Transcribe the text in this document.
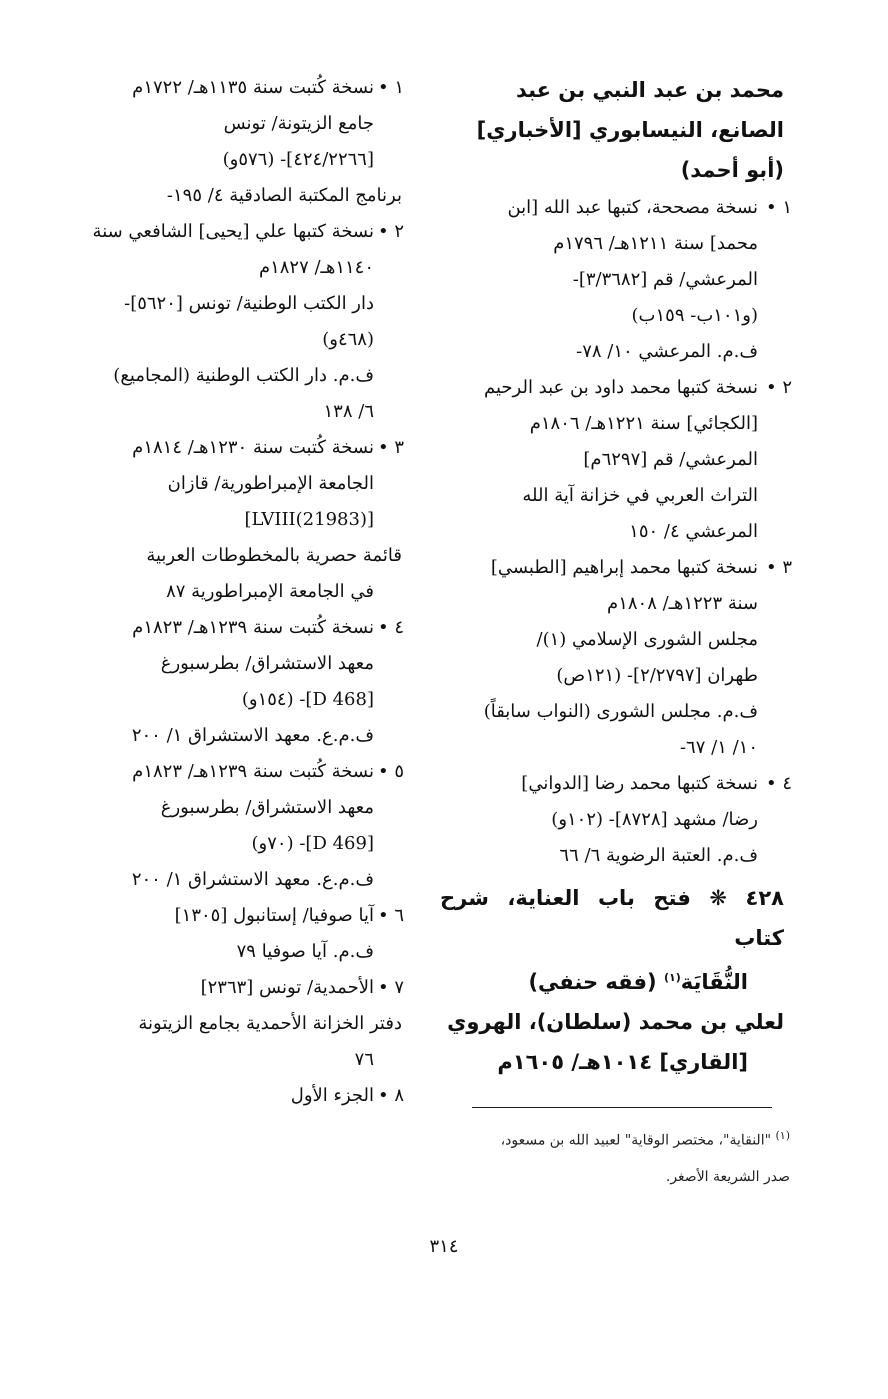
محمد بن عبد النبي بن عبد
الصانع، النيسابوري [الأخباري]
(أبو أحمد)
١ •
نسخة مصححة، كتبها عبد الله [ابن
محمد] سنة ١٢١١هـ/ ١٧٩٦م
المرعشي/ قم [٣/٣٦٨٢]-
(و١٠١ب- ١٥٩ب)
ف.م. المرعشي ١٠/ ٧٨-
٢ •
نسخة كتبها محمد داود بن عبد الرحيم
[الكجائي] سنة ١٢٢١هـ/ ١٨٠٦م
المرعشي/ قم [٦٢٩٧م]
التراث العربي في خزانة آية الله
المرعشي ٤/ ١٥٠
٣ •
نسخة كتبها محمد إبراهيم [الطبسي]
سنة ١٢٢٣هـ/ ١٨٠٨م
مجلس الشورى الإسلامي (١)/
طهران [٢/٢٧٩٧]- (١٢١ص)
ف.م. مجلس الشورى (النواب سابقاً)
١٠/ ١/ ٦٧-
٤ •
نسخة كتبها محمد رضا [الدواني]
رضا/ مشهد [٨٧٢٨]- (١٠٢و)
ف.م. العتبة الرضوية ٦/ ٦٦
٤٢٨ ❋ فتح باب العناية، شرح كتاب
النُّقَايَة$^{(١)}$ (فقه حنفي)
لعلي بن محمد (سلطان)، الهروي
[القاري] ١٠١٤هـ/ ١٦٠٥م
١ •
نسخة كُتبت سنة ١١٣٥هـ/ ١٧٢٢م
جامع الزيتونة/ تونس
[٤٢٤/٢٢٦٦]- (٥٧٦و)
برنامج المكتبة الصادقية ٤/ ١٩٥-
٢ •
نسخة كتبها علي [يحيى] الشافعي سنة
١١٤٠هـ/ ١٨٢٧م
دار الكتب الوطنية/ تونس [٥٦٢٠]-
(٤٦٨و)
ف.م. دار الكتب الوطنية (المجاميع)
٦/ ١٣٨
٣ •
نسخة كُتبت سنة ١٢٣٠هـ/ ١٨١٤م
الجامعة الإمبراطورية/ قازان
[LVIII(21983)]
قائمة حصرية بالمخطوطات العربية
في الجامعة الإمبراطورية ٨٧
٤ •
نسخة كُتبت سنة ١٢٣٩هـ/ ١٨٢٣م
معهد الاستشراق/ بطرسبورغ
[D 468]- (١٥٤و)
ف.م.ع. معهد الاستشراق ١/ ٢٠٠
٥ •
نسخة كُتبت سنة ١٢٣٩هـ/ ١٨٢٣م
معهد الاستشراق/ بطرسبورغ
[D 469]- (٧٠و)
ف.م.ع. معهد الاستشراق ١/ ٢٠٠
٦ •
آيا صوفيا/ إستانبول [١٣٠٥]
ف.م. آيا صوفيا ٧٩
٧ •
الأحمدية/ تونس [٢٣٦٣]
دفتر الخزانة الأحمدية بجامع الزيتونة
٧٦
٨ •
الجزء الأول
$^{(١)}$ "النقاية"، مختصر الوقاية" لعبيد الله بن مسعود،
صدر الشريعة الأصغر.
٣١٤
